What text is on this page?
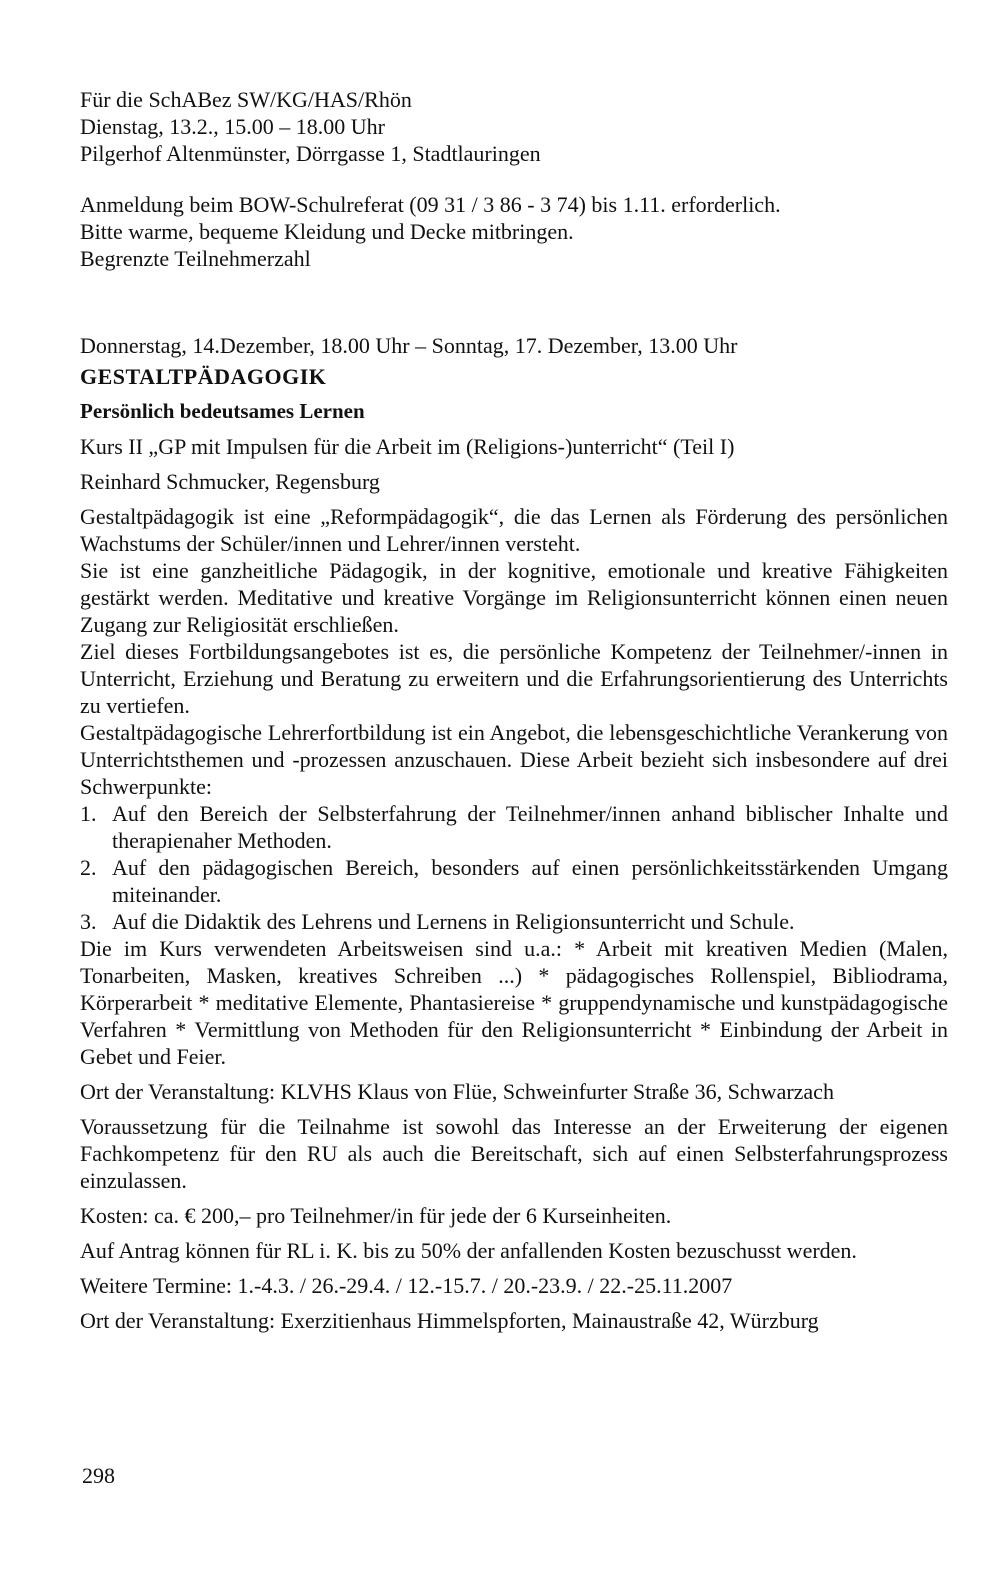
Für die SchABez SW/KG/HAS/Rhön
Dienstag, 13.2., 15.00 – 18.00 Uhr
Pilgerhof Altenmünster, Dörrgasse 1, Stadtlauringen
Anmeldung beim BOW-Schulreferat (09 31 / 3 86 - 3 74) bis 1.11. erforderlich.
Bitte warme, bequeme Kleidung und Decke mitbringen.
Begrenzte Teilnehmerzahl
Donnerstag, 14.Dezember, 18.00 Uhr – Sonntag, 17. Dezember, 13.00 Uhr
GESTALTPÄDAGOGIK
Persönlich bedeutsames Lernen
Kurs II „GP mit Impulsen für die Arbeit im (Religions-)unterricht“ (Teil I)
Reinhard Schmucker, Regensburg

Gestaltpädagogik ist eine „Reformpädagogik“, die das Lernen als Förderung des persönlichen Wachstums der Schüler/innen und Lehrer/innen versteht.

Sie ist eine ganzheitliche Pädagogik, in der kognitive, emotionale und kreative Fähigkeiten gestärkt werden. Meditative und kreative Vorgänge im Religionsunterricht können einen neuen Zugang zur Religiosität erschließen.

Ziel dieses Fortbildungsangebotes ist es, die persönliche Kompetenz der Teilnehmer/-innen in Unterricht, Erziehung und Beratung zu erweitern und die Erfahrungsorientierung des Unterrichts zu vertiefen.

Gestaltpädagogische Lehrerfortbildung ist ein Angebot, die lebensgeschichtliche Verankerung von Unterrichtsthemen und -prozessen anzuschauen. Diese Arbeit bezieht sich insbesondere auf drei Schwerpunkte:

1. Auf den Bereich der Selbsterfahrung der Teilnehmer/innen anhand biblischer Inhalte und therapienaher Methoden.
2. Auf den pädagogischen Bereich, besonders auf einen persönlichkeitsstärkenden Umgang miteinander.
3. Auf die Didaktik des Lehrens und Lernens in Religionsunterricht und Schule.

Die im Kurs verwendeten Arbeitsweisen sind u.a.: * Arbeit mit kreativen Medien (Malen, Tonarbeiten, Masken, kreatives Schreiben ...) * pädagogisches Rollenspiel, Bibliodrama, Körperarbeit * meditative Elemente, Phantasiereise * gruppendynamische und kunstpädagogische Verfahren * Vermittlung von Methoden für den Religionsunterricht * Einbindung der Arbeit in Gebet und Feier.

Ort der Veranstaltung: KLVHS Klaus von Flüe, Schweinfurter Straße 36, Schwarzach

Voraussetzung für die Teilnahme ist sowohl das Interesse an der Erweiterung der eigenen Fachkompetenz für den RU als auch die Bereitschaft, sich auf einen Selbsterfahrungsprozess einzulassen.

Kosten: ca. € 200,– pro Teilnehmer/in für jede der 6 Kurseinheiten.

Auf Antrag können für RL i. K. bis zu 50% der anfallenden Kosten bezuschusst werden.

Weitere Termine: 1.-4.3. / 26.-29.4. / 12.-15.7. / 20.-23.9. / 22.-25.11.2007

Ort der Veranstaltung: Exerzitienhaus Himmelspforten, Mainaustraße 42, Würzburg

298
